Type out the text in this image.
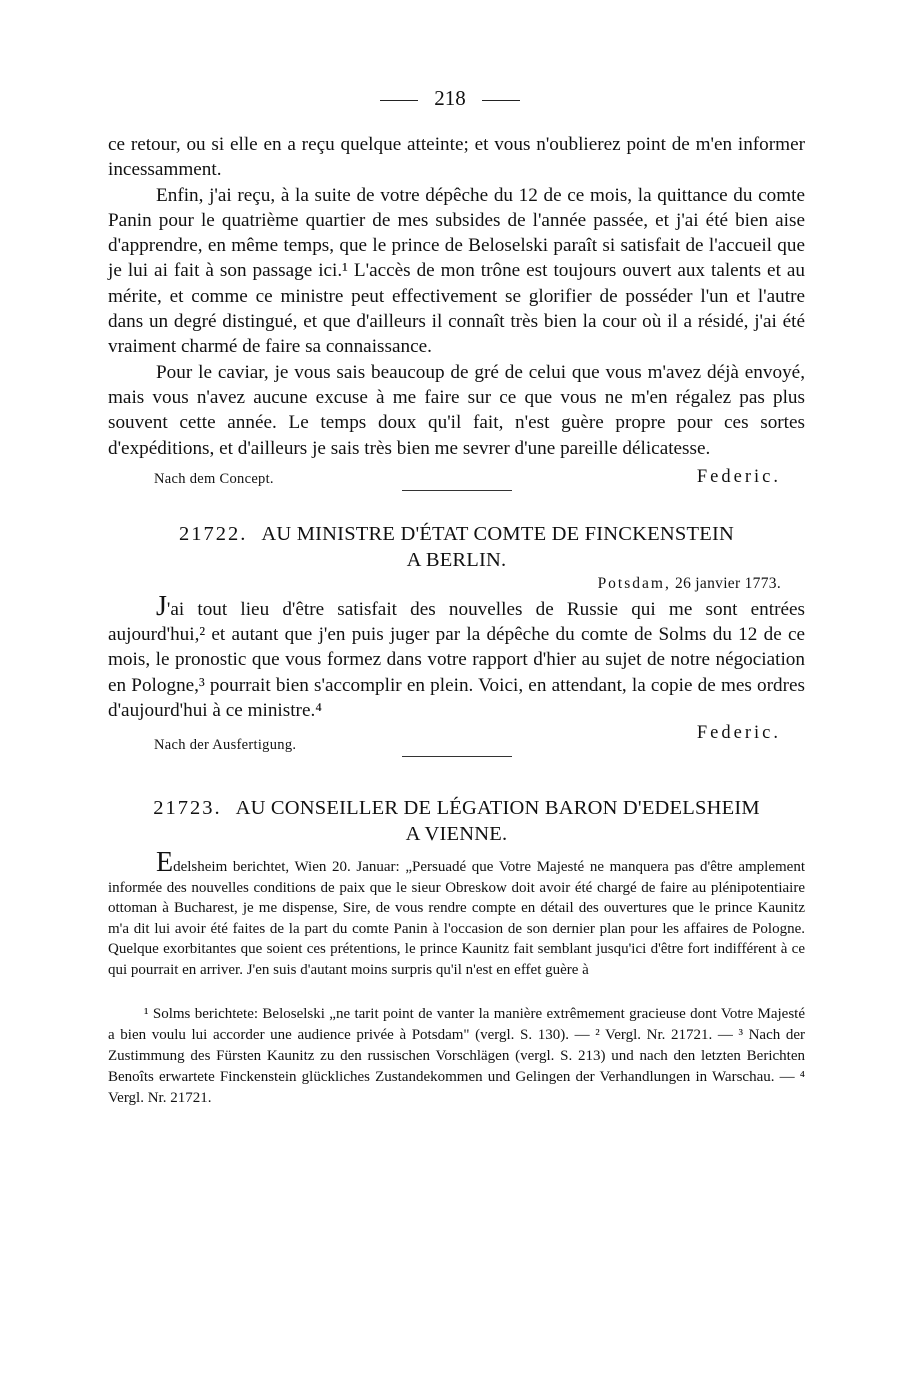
218

ce retour, ou si elle en a reçu quelque atteinte; et vous n'oublierez point de m'en informer incessamment.

Enfin, j'ai reçu, à la suite de votre dépêche du 12 de ce mois, la quittance du comte Panin pour le quatrième quartier de mes subsides de l'année passée, et j'ai été bien aise d'apprendre, en même temps, que le prince de Beloselski paraît si satisfait de l'accueil que je lui ai fait à son passage ici.¹ L'accès de mon trône est toujours ouvert aux talents et au mérite, et comme ce ministre peut effectivement se glorifier de posséder l'un et l'autre dans un degré distingué, et que d'ailleurs il connaît très bien la cour où il a résidé, j'ai été vraiment charmé de faire sa connaissance.

Pour le caviar, je vous sais beaucoup de gré de celui que vous m'avez déjà envoyé, mais vous n'avez aucune excuse à me faire sur ce que vous ne m'en régalez pas plus souvent cette année. Le temps doux qu'il fait, n'est guère propre pour ces sortes d'expéditions, et d'ailleurs je sais très bien me sevrer d'une pareille délicatesse.

Nach dem Concept.	Federic.
21722. AU MINISTRE D'ÉTAT COMTE DE FINCKENSTEIN
A BERLIN.
Potsdam, 26 janvier 1773.

J'ai tout lieu d'être satisfait des nouvelles de Russie qui me sont entrées aujourd'hui,² et autant que j'en puis juger par la dépêche du comte de Solms du 12 de ce mois, le pronostic que vous formez dans votre rapport d'hier au sujet de notre négociation en Pologne,³ pourrait bien s'accomplir en plein. Voici, en attendant, la copie de mes ordres d'aujourd'hui à ce ministre.⁴

Nach der Ausfertigung.
Federic.
21723. AU CONSEILLER DE LÉGATION BARON D'EDELSHEIM
A VIENNE.

Edelsheim berichtet, Wien 20. Januar: „Persuadé que Votre Majesté ne manquera pas d'être amplement informée des nouvelles conditions de paix que le sieur Obreskow doit avoir été chargé de faire au plénipotentiaire ottoman à Bucharest, je me dispense, Sire, de vous rendre compte en détail des ouvertures que le prince Kaunitz m'a dit lui avoir été faites de la part du comte Panin à l'occasion de son dernier plan pour les affaires de Pologne. Quelque exorbitantes que soient ces prétentions, le prince Kaunitz fait semblant jusqu'ici d'être fort indifférent à ce qui pourrait en arriver. J'en suis d'autant moins surpris qu'il n'est en effet guère à

¹ Solms berichtete: Beloselski „ne tarit point de vanter la manière extrêmement gracieuse dont Votre Majesté a bien voulu lui accorder une audience privée à Potsdam" (vergl. S. 130). — ² Vergl. Nr. 21721. — ³ Nach der Zustimmung des Fürsten Kaunitz zu den russischen Vorschlägen (vergl. S. 213) und nach den letzten Berichten Benoîts erwartete Finckenstein glückliches Zustandekommen und Gelingen der Verhandlungen in Warschau. — ⁴ Vergl. Nr. 21721.
